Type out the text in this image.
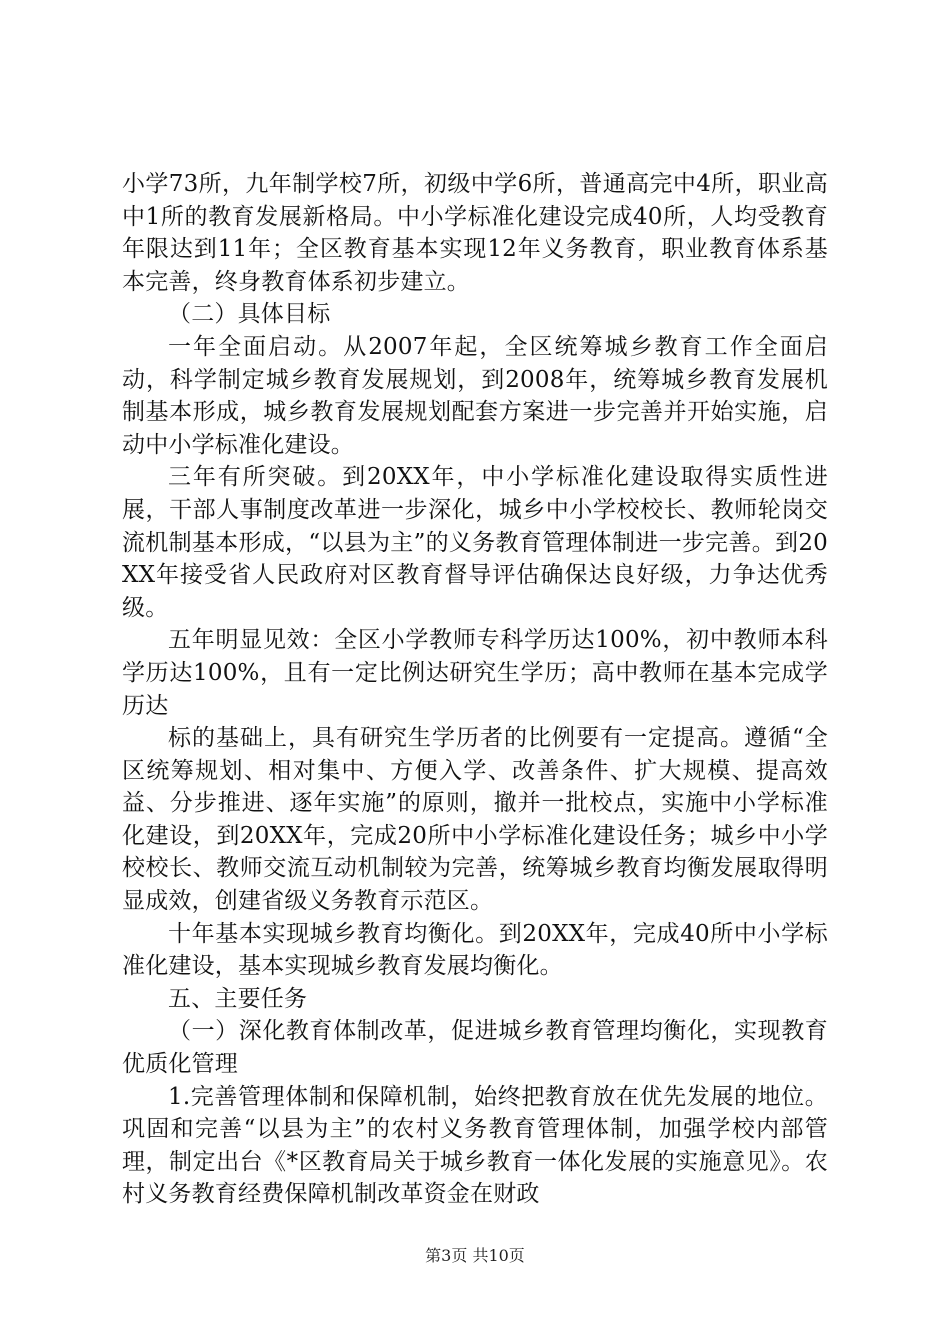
小学73所，九年制学校7所，初级中学6所，普通高完中4所，职业高中1所的教育发展新格局。中小学标准化建设完成40所，人均受教育年限达到11年；全区教育基本实现12年义务教育，职业教育体系基本完善，终身教育体系初步建立。

（二）具体目标

一年全面启动。从2007年起，全区统筹城乡教育工作全面启动，科学制定城乡教育发展规划，到2008年，统筹城乡教育发展机制基本形成，城乡教育发展规划配套方案进一步完善并开始实施，启动中小学标准化建设。

三年有所突破。到20XX年，中小学标准化建设取得实质性进展，干部人事制度改革进一步深化，城乡中小学校校长、教师轮岗交流机制基本形成，“以县为主”的义务教育管理体制进一步完善。到20XX年接受省人民政府对区教育督导评估确保达良好级，力争达优秀级。

五年明显见效：全区小学教师专科学历达100%，初中教师本科学历达100%，且有一定比例达研究生学历；高中教师在基本完成学历达

标的基础上，具有研究生学历者的比例要有一定提高。遵循“全区统筹规划、相对集中、方便入学、改善条件、扩大规模、提高效益、分步推进、逐年实施”的原则，撤并一批校点，实施中小学标准化建设，到20XX年，完成20所中小学标准化建设任务；城乡中小学校校长、教师交流互动机制较为完善，统筹城乡教育均衡发展取得明显成效，创建省级义务教育示范区。

十年基本实现城乡教育均衡化。到20XX年，完成40所中小学标准化建设，基本实现城乡教育发展均衡化。

五、主要任务

（一）深化教育体制改革，促进城乡教育管理均衡化，实现教育优质化管理

1.完善管理体制和保障机制，始终把教育放在优先发展的地位。巩固和完善“以县为主”的农村义务教育管理体制，加强学校内部管理，制定出台《*区教育局关于城乡教育一体化发展的实施意见》。农村义务教育经费保障机制改革资金在财政

第3页 共10页
